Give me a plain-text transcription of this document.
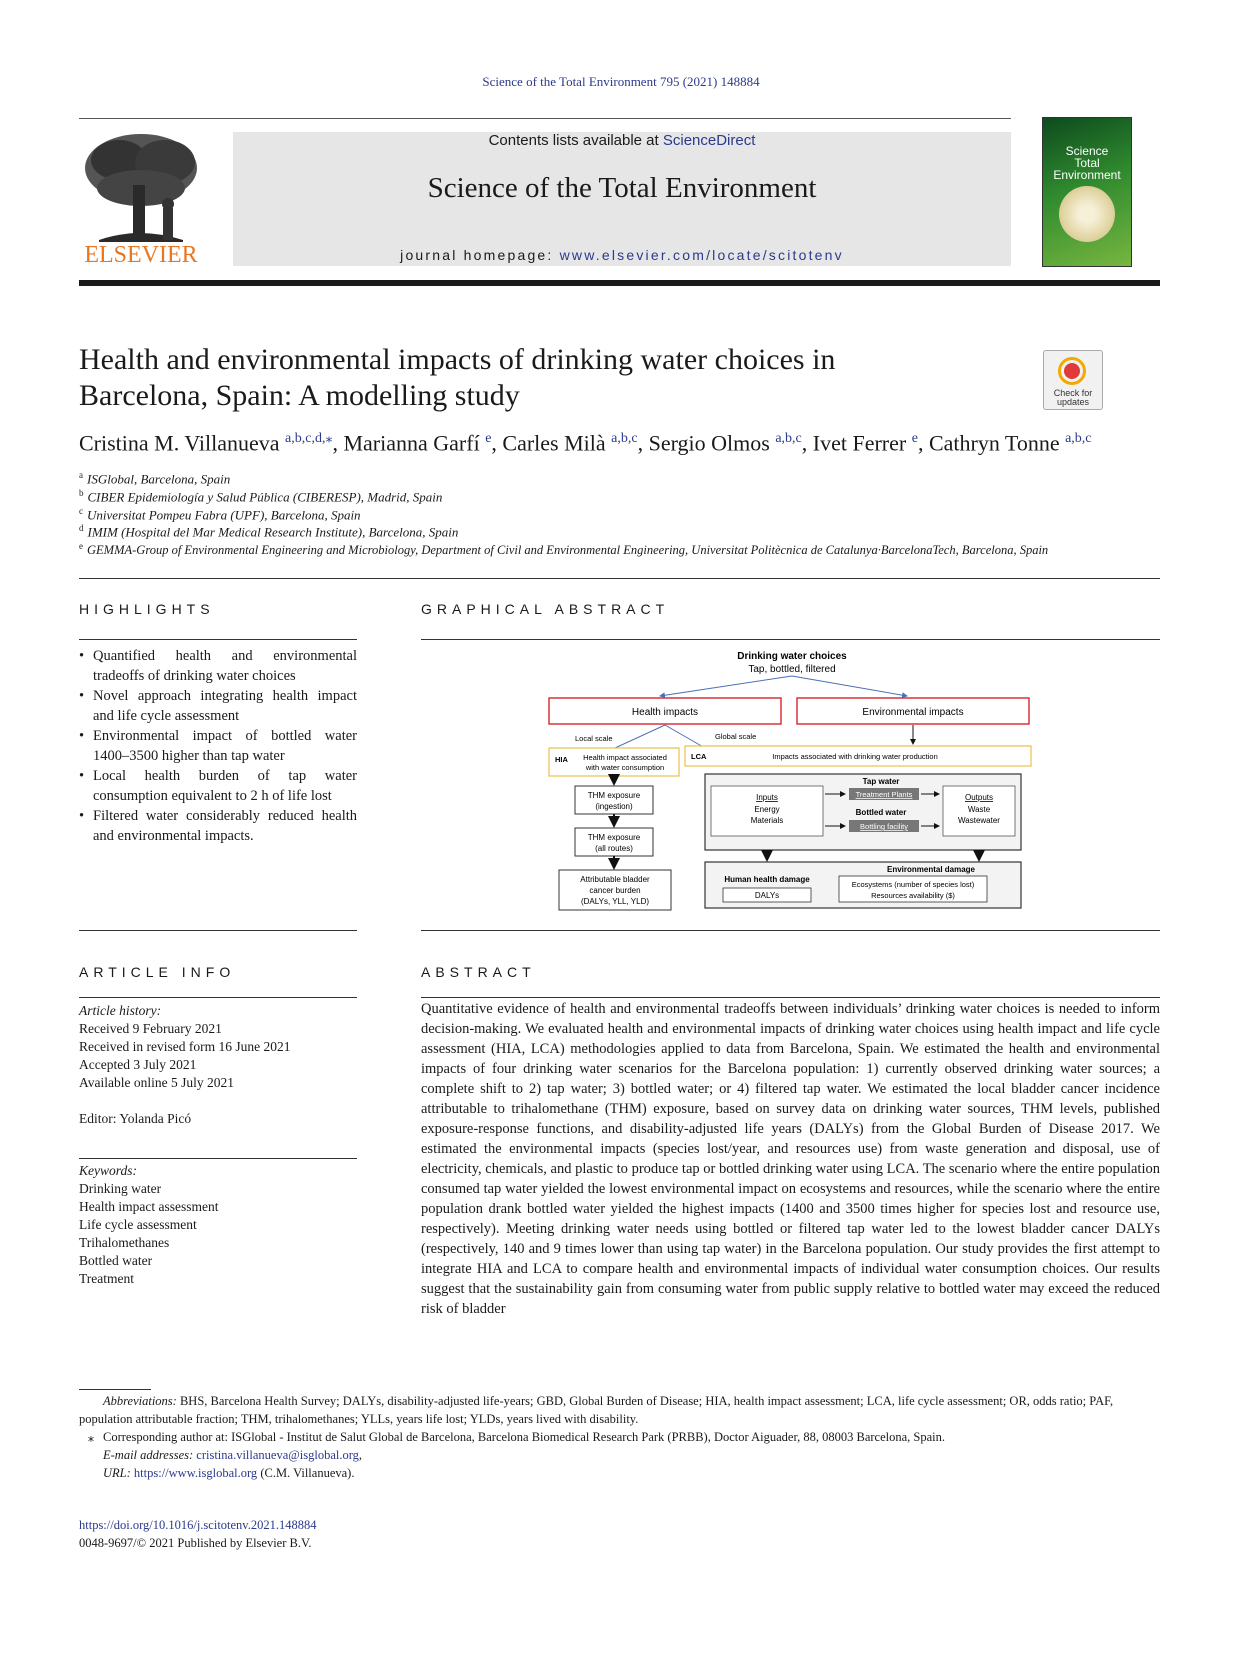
Science of the Total Environment 795 (2021) 148884
Contents lists available at ScienceDirect
Science of the Total Environment
journal homepage: www.elsevier.com/locate/scitotenv
ELSEVIER
Science
Total Environment
Health and environmental impacts of drinking water choices in
Barcelona, Spain: A modelling study	Check for
updates
Cristina M. Villanueva $^{a,b,c,d,⁎}$, Marianna Garfí $^e$, Carles Milà $^{a,b,c}$, Sergio Olmos $^{a,b,c}$, Ivet Ferrer $^e$, Cathryn Tonne $^{a,b,c}$
$^a$ ISGlobal, Barcelona, Spain
$^b$ CIBER Epidemiología y Salud Pública (CIBERESP), Madrid, Spain
$^c$ Universitat Pompeu Fabra (UPF), Barcelona, Spain
$^d$ IMIM (Hospital del Mar Medical Research Institute), Barcelona, Spain
$^e$ GEMMA-Group of Environmental Engineering and Microbiology, Department of Civil and Environmental Engineering, Universitat Politècnica de Catalunya·BarcelonaTech, Barcelona, Spain
HIGHLIGHTS
• Quantified health and environmental tradeoffs of drinking water choices
• Novel approach integrating health impact and life cycle assessment
• Environmental impact of bottled water 1400–3500 higher than tap water
• Local health burden of tap water consumption equivalent to 2 h of life lost
• Filtered water considerably reduced health and environmental impacts.
GRAPHICAL ABSTRACT
Drinking water choices
Tap, bottled, filtered
Health impacts	Environmental impacts
Local scale	Global scale
HIA Health impact associated
with water consumption
LCA	Impacts associated with drinking water production
THM exposure
(ingestion)
THM exposure
(all routes)
Attributable bladder
cancer burden
(DALYs, YLL, YLD)
Inputs
Energy
Materials
Tap water
Treatment Plants
Bottled water
Bottling facility
Outputs
Waste
Wastewater
Human health damage
DALYs
Environmental damage
Ecosystems (number of species lost)
Resources availability ($)
ARTICLE INFO
Article history:
Received 9 February 2021
Received in revised form 16 June 2021
Accepted 3 July 2021
Available online 5 July 2021
Editor: Yolanda Picó
Keywords:
Drinking water
Health impact assessment
Life cycle assessment
Trihalomethanes
Bottled water
Treatment
ABSTRACT
Quantitative evidence of health and environmental tradeoffs between individuals’ drinking water choices is needed to inform decision-making. We evaluated health and environmental impacts of drinking water choices using health impact and life cycle assessment (HIA, LCA) methodologies applied to data from Barcelona, Spain. We estimated the health and environmental impacts of four drinking water scenarios for the Barcelona population: 1) currently observed drinking water sources; a complete shift to 2) tap water; 3) bottled water; or 4) filtered tap water. We estimated the local bladder cancer incidence attributable to trihalomethane (THM) exposure, based on survey data on drinking water sources, THM levels, published exposure-response functions, and disability-adjusted life years (DALYs) from the Global Burden of Disease 2017. We estimated the environmental impacts (species lost/year, and resources use) from waste generation and disposal, use of electricity, chemicals, and plastic to produce tap or bottled drinking water using LCA. The scenario where the entire population consumed tap water yielded the lowest environmental impact on ecosystems and resources, while the scenario where the entire population drank bottled water yielded the highest impacts (1400 and 3500 times higher for species lost and resource use, respectively). Meeting drinking water needs using bottled or filtered tap water led to the lowest bladder cancer DALYs (respectively, 140 and 9 times lower than using tap water) in the Barcelona population. Our study provides the first attempt to integrate HIA and LCA to compare health and environmental impacts of individual water consumption choices. Our results suggest that the sustainability gain from consuming water from public supply relative to bottled water may exceed the reduced risk of bladder
Abbreviations: BHS, Barcelona Health Survey; DALYs, disability-adjusted life-years; GBD, Global Burden of Disease; HIA, health impact assessment; LCA, life cycle assessment; OR, odds ratio; PAF, population attributable fraction; THM, trihalomethanes; YLLs, years life lost; YLDs, years lived with disability.
⁎ Corresponding author at: ISGlobal - Institut de Salut Global de Barcelona, Barcelona Biomedical Research Park (PRBB), Doctor Aiguader, 88, 08003 Barcelona, Spain.
E-mail addresses: cristina.villanueva@isglobal.org,
URL: https://www.isglobal.org (C.M. Villanueva).
https://doi.org/10.1016/j.scitotenv.2021.148884
0048-9697/© 2021 Published by Elsevier B.V.
